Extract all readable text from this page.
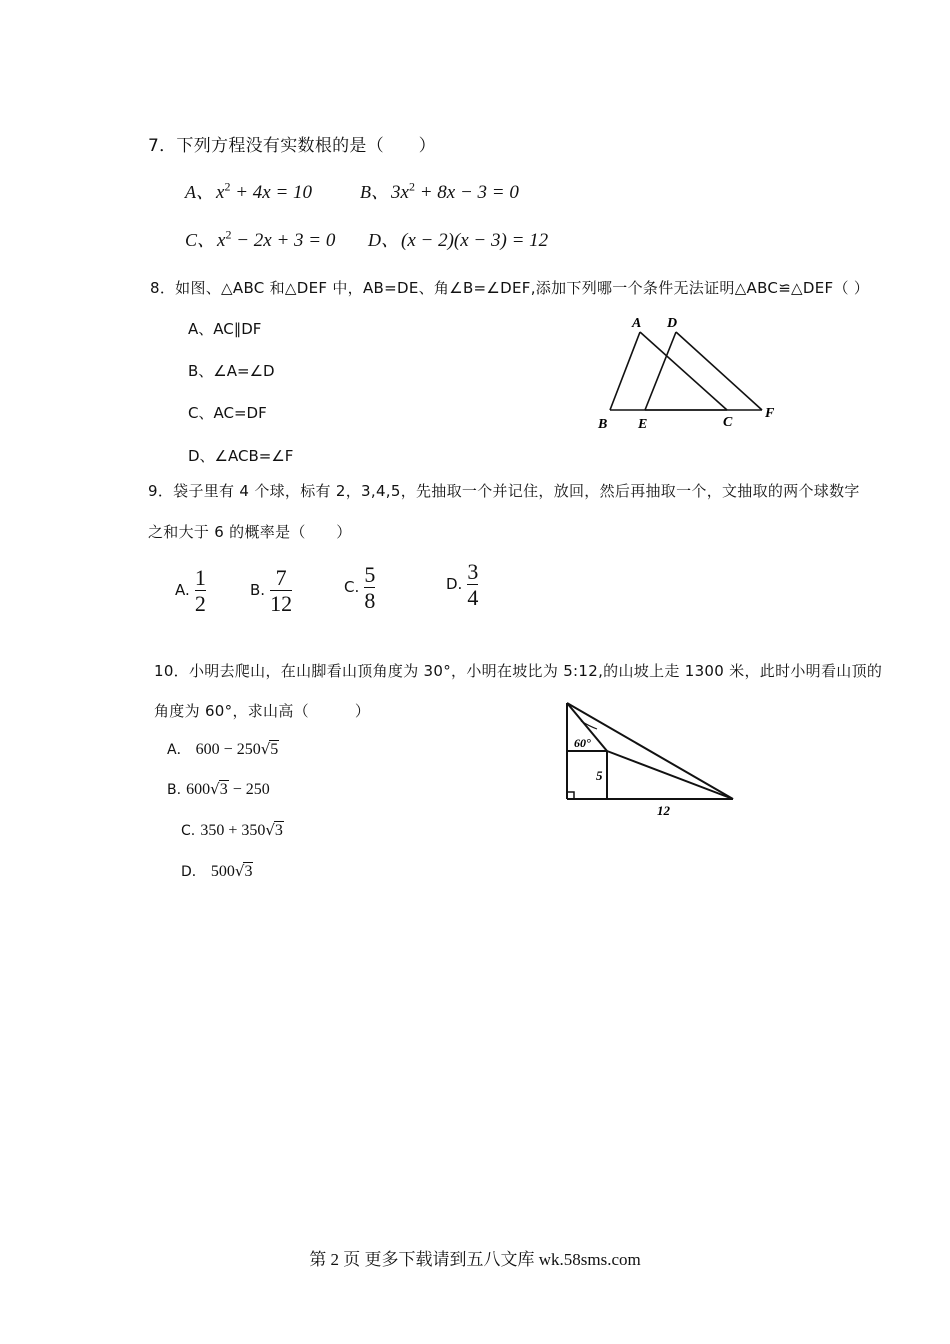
7．下列方程没有实数根的是（　　）
A、 $x^2 + 4x = 10$	B、 $3x^2 + 8x - 3 = 0$
C、 $x^2 - 2x + 3 = 0$ D、 (x − 2)(x − 3) = 12
8．如图、△ABC 和△DEF 中，AB=DE、角∠B=∠DEF,添加下列哪一个条件无法证明△ABC≌△DEF（ ）
A、AC∥DF
B、∠A=∠D
C、AC=DF
D、∠ACB=∠F
A D
B E	C
F
9．袋子里有 4 个球，标有 2，3,4,5，先抽取一个并记住，放回，然后再抽取一个，文抽取的两个球数字
之和大于 6 的概率是（　　）
A. $\frac{1}{2}$	B. $\frac{7}{12}$	C. $\frac{5}{8}$	D. $\frac{3}{4}$
10．小明去爬山，在山脚看山顶角度为 30°，小明在坡比为 5:12,的山坡上走 1300 米，此时小明看山顶的
角度为 60°，求山高（　　　）
A． 600 − 250√5
B. 600√3 − 250
C. 350 + 350√3
D． 500√3
60°
5
12
第 2 页 更多下载请到五八文库 wk.58sms.com
